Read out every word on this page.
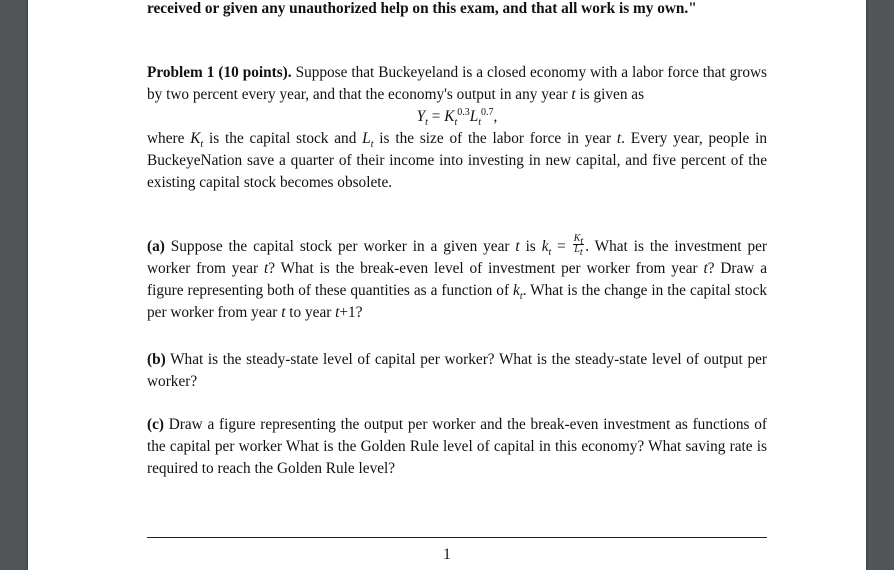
received or given any unauthorized help on this exam, and that all work is my own."

Problem 1 (10 points). Suppose that Buckeyeland is a closed economy with a labor force that grows by two percent every year, and that the economy's output in any year t is given as

$Y_t = K_t^{0.3}L_t^{0.7}$,

where $K_t$ is the capital stock and $L_t$ is the size of the labor force in year t. Every year, people in BuckeyeNation save a quarter of their income into investing in new capital, and five percent of the existing capital stock becomes obsolete.

(a) Suppose the capital stock per worker in a given year t is $k_t = \frac{K_t}{L_t}$ . What is the investment per worker from year t? What is the break-even level of investment per worker from year t? Draw a figure representing both of these quantities as a function of $k_t$. What is the change in the capital stock per worker from year t to year t+1?

(b) What is the steady-state level of capital per worker? What is the steady-state level of output per worker?

(c) Draw a figure representing the output per worker and the break-even investment as functions of the capital per worker What is the Golden Rule level of capital in this economy? What saving rate is required to reach the Golden Rule level?

1
